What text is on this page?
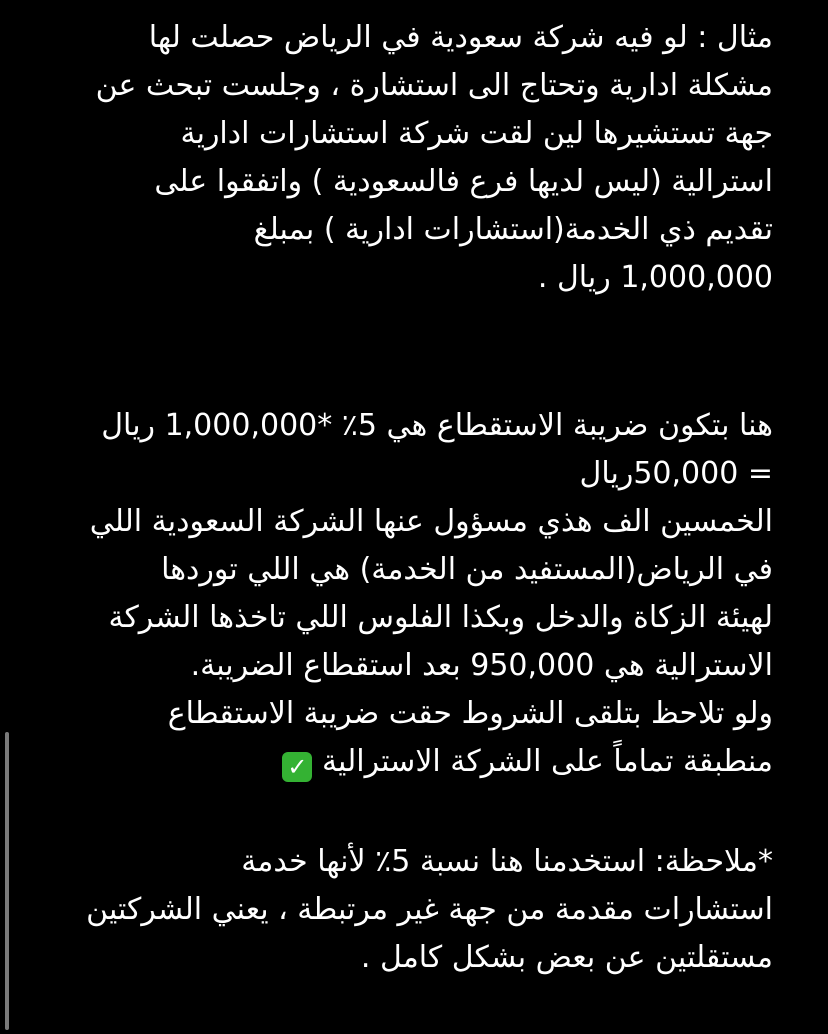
مثال : لو فيه شركة سعودية في الرياض حصلت لها
مشكلة ادارية وتحتاج الى استشارة ، وجلست تبحث عن
جهة تستشيرها لين لقت شركة استشارات ادارية
استرالية (ليس لديها فرع فالسعودية ) واتفقوا على
تقديم ذي الخدمة(استشارات ادارية ) بمبلغ
1,000,000 ريال .
هنا بتكون ضريبة الاستقطاع هي 5٪ *1,000,000 ريال
= 50,000ريال
الخمسين الف هذي مسؤول عنها الشركة السعودية اللي
في الرياض(المستفيد من الخدمة) هي اللي توردها
لهيئة الزكاة والدخل وبكذا الفلوس اللي تاخذها الشركة
الاسترالية هي 950,000 بعد استقطاع الضريبة.
ولو تلاحظ بتلقى الشروط حقت ضريبة الاستقطاع
منطبقة تماماً على الشركة الاسترالية ✓
*ملاحظة: استخدمنا هنا نسبة 5٪ لأنها خدمة
استشارات مقدمة من جهة غير مرتبطة ، يعني الشركتين
مستقلتين عن بعض بشكل كامل .
